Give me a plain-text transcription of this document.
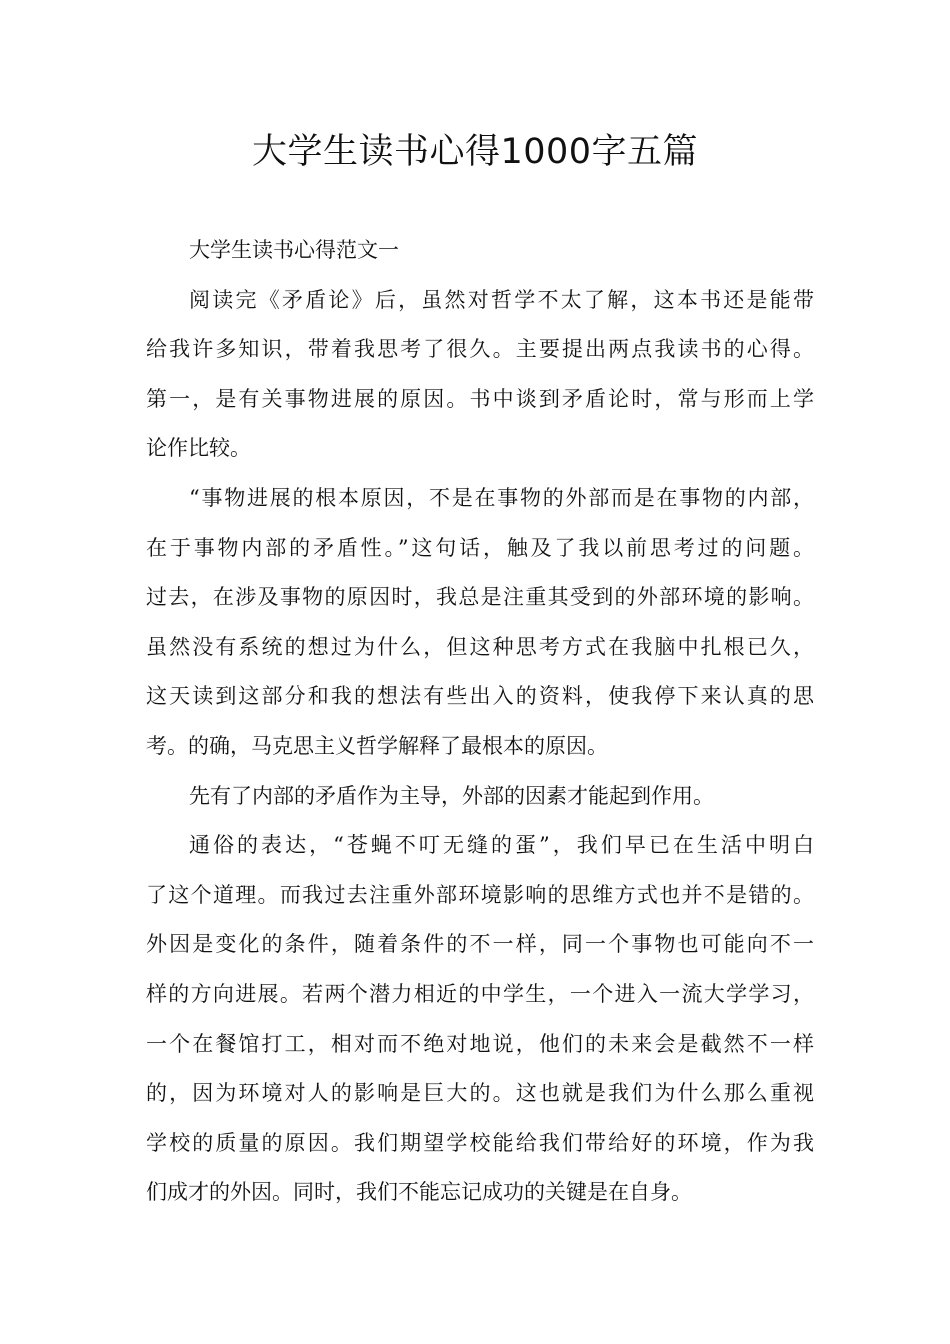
大学生读书心得1000字五篇
大学生读书心得范文一
阅读完《矛盾论》后，虽然对哲学不太了解，这本书还是能带
给我许多知识，带着我思考了很久。主要提出两点我读书的心得。
第一，是有关事物进展的原因。书中谈到矛盾论时，常与形而上学
论作比较。
“事物进展的根本原因，不是在事物的外部而是在事物的内部，
在于事物内部的矛盾性。”这句话，触及了我以前思考过的问题。
过去，在涉及事物的原因时，我总是注重其受到的外部环境的影响。
虽然没有系统的想过为什么，但这种思考方式在我脑中扎根已久，
这天读到这部分和我的想法有些出入的资料，使我停下来认真的思
考。的确，马克思主义哲学解释了最根本的原因。
先有了内部的矛盾作为主导，外部的因素才能起到作用。
通俗的表达，“苍蝇不叮无缝的蛋”，我们早已在生活中明白
了这个道理。而我过去注重外部环境影响的思维方式也并不是错的。
外因是变化的条件，随着条件的不一样，同一个事物也可能向不一
样的方向进展。若两个潜力相近的中学生，一个进入一流大学学习，
一个在餐馆打工，相对而不绝对地说，他们的未来会是截然不一样
的，因为环境对人的影响是巨大的。这也就是我们为什么那么重视
学校的质量的原因。我们期望学校能给我们带给好的环境，作为我
们成才的外因。同时，我们不能忘记成功的关键是在自身。
